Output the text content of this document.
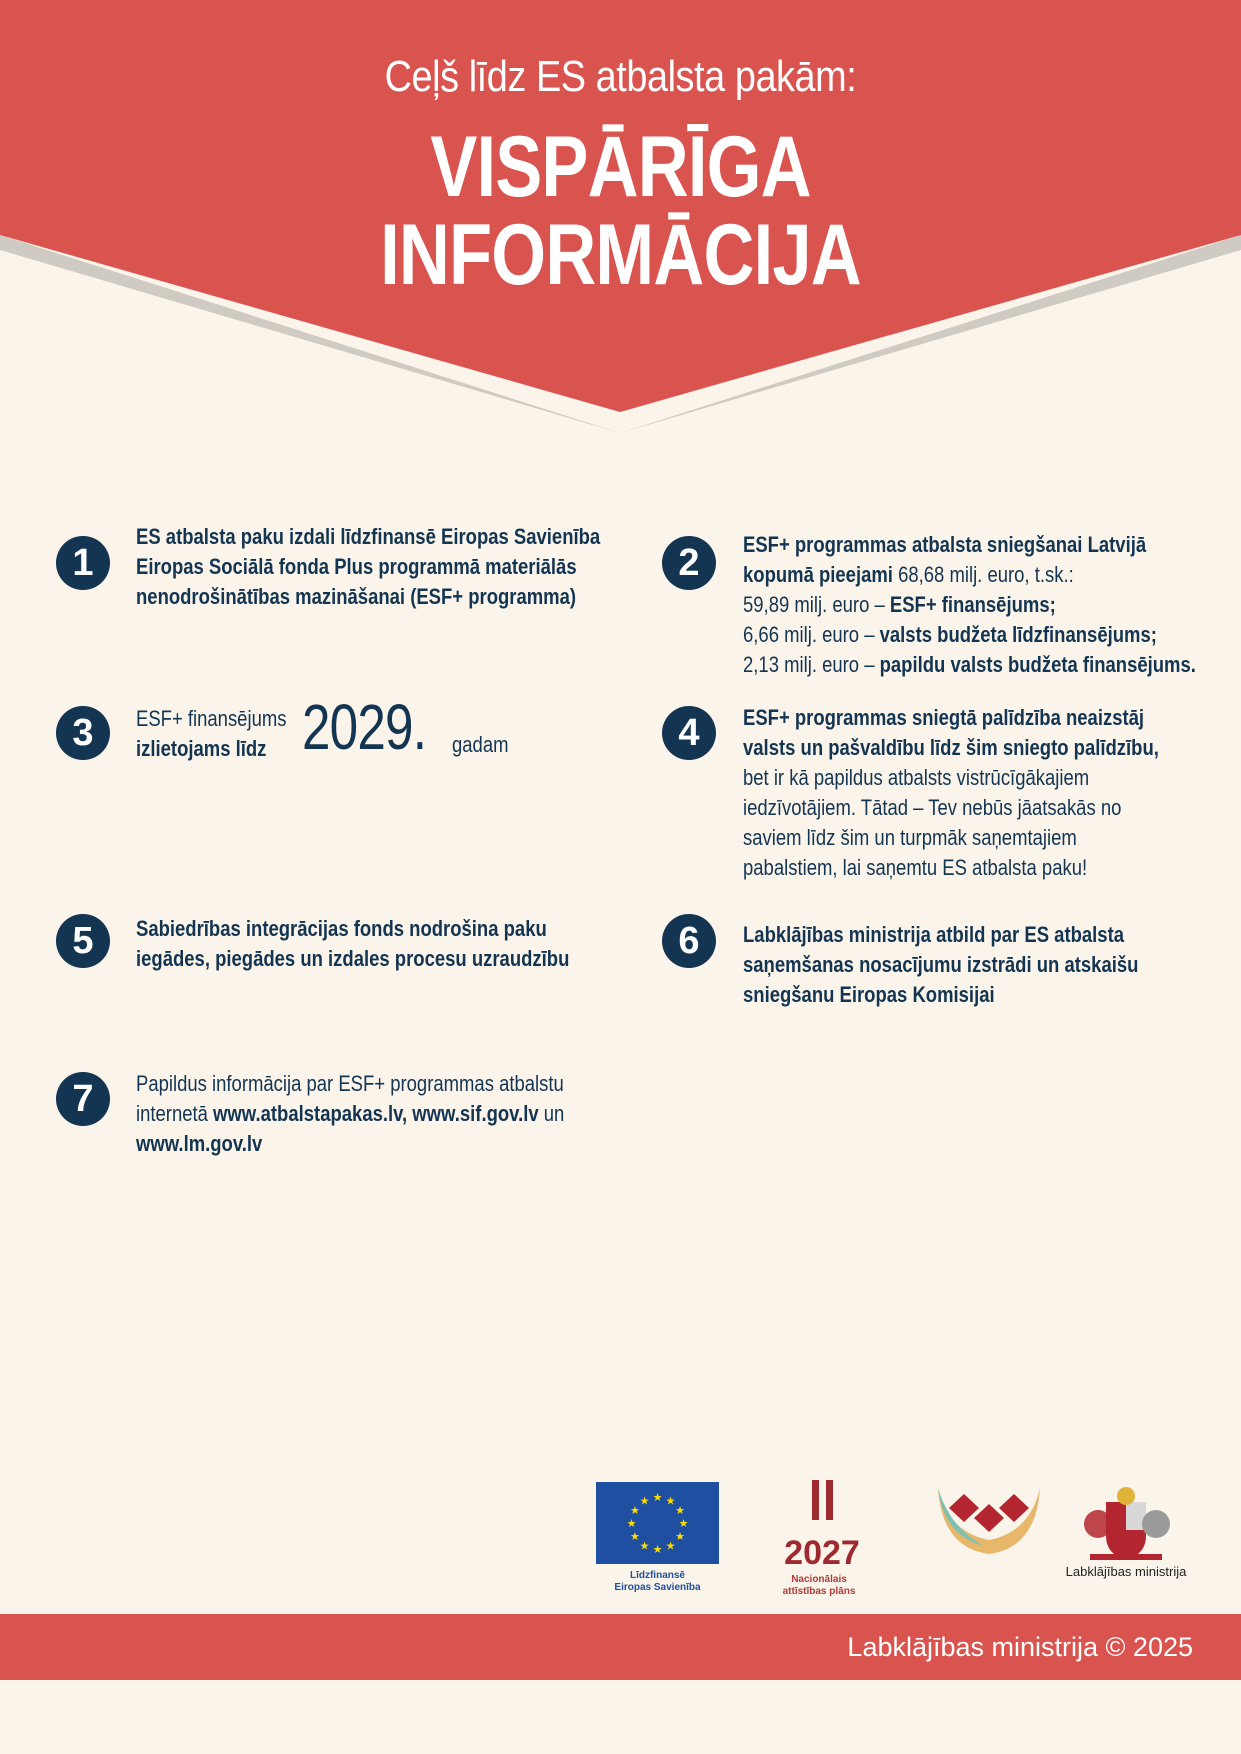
Ceļš līdz ES atbalsta pakām:
VISPĀRĪGA
INFORMĀCIJA
1
ES atbalsta paku izdali līdzfinansē Eiropas Savienība
Eiropas Sociālā fonda Plus programmā materiālās
nenodrošinātības mazināšanai (ESF+ programma)
2	ESF+ programmas atbalsta sniegšanai Latvijā
kopumā pieejami 68,68 milj. euro, t.sk.:
59,89 milj. euro – ESF+ finansējums;
6,66 milj. euro – valsts budžeta līdzfinansējums;
2,13 milj. euro – papildu valsts budžeta finansējums.
3	ESF+ finansējums
izlietojams līdz 2029. gadam	4	ESF+ programmas sniegtā palīdzība neaizstāj
valsts un pašvaldību līdz šim sniegto palīdzību,
bet ir kā papildus atbalsts vistrūcīgākajiem
iedzīvotājiem. Tātad – Tev nebūs jāatsakās no
saviem līdz šim un turpmāk saņemtajiem
pabalstiem, lai saņemtu ES atbalsta paku!
5	Sabiedrības integrācijas fonds nodrošina paku
iegādes, piegādes un izdales procesu uzraudzību	6	Labklājības ministrija atbild par ES atbalsta
saņemšanas nosacījumu izstrādi un atskaišu
sniegšanu Eiropas Komisijai
7	Papildus informācija par ESF+ programmas atbalstu
internetā www.atbalstapakas.lv, www.sif.gov.lv un
www.lm.gov.lv
★ ★
★
★
★
★
★
★
★
★
★
★
Līdzfinansē
Eiropas Savienība
2027
Nacionālais
attīstības plāns
Labklājības ministrija
Labklājības ministrija © 2025
